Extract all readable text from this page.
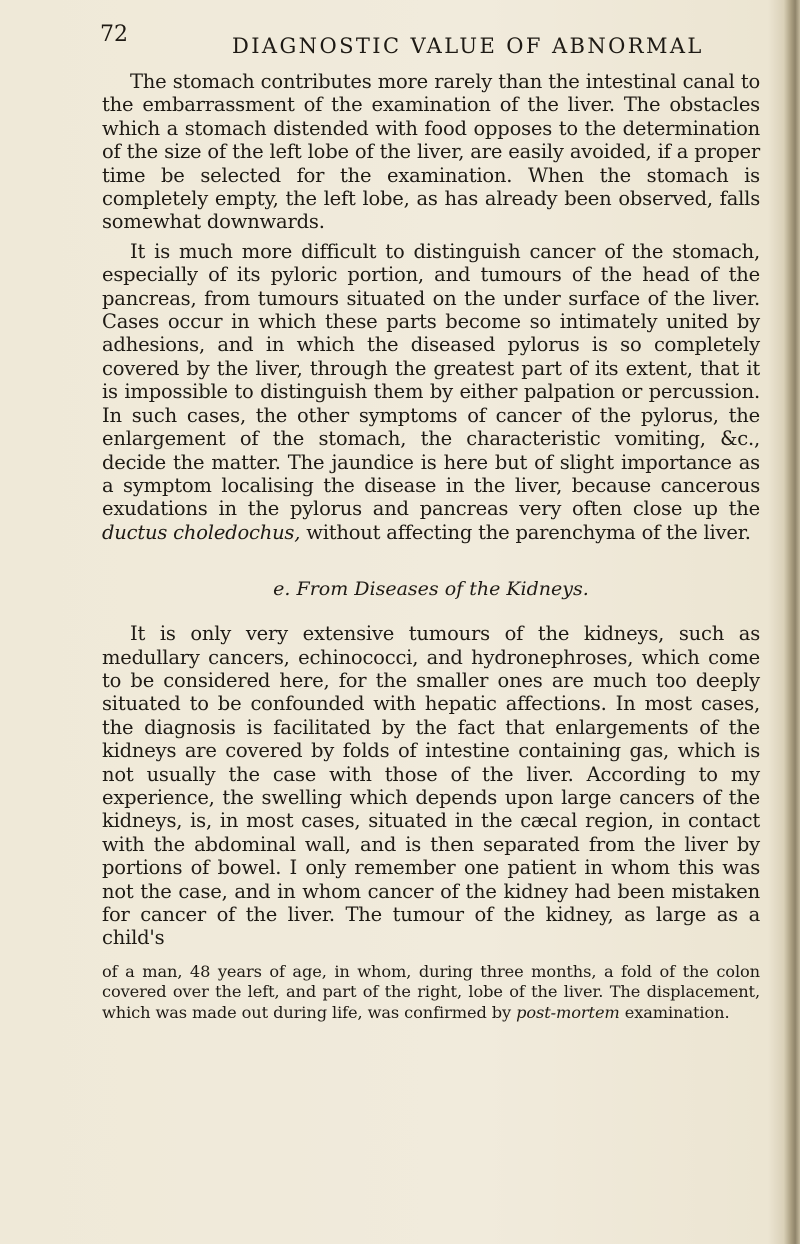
72	DIAGNOSTIC VALUE OF ABNORMAL

The stomach contributes more rarely than the intestinal canal to the embarrassment of the examination of the liver. The obstacles which a stomach distended with food opposes to the determination of the size of the left lobe of the liver, are easily avoided, if a proper time be selected for the examination. When the stomach is completely empty, the left lobe, as has already been observed, falls somewhat downwards.

It is much more difficult to distinguish cancer of the stomach, especially of its pyloric portion, and tumours of the head of the pancreas, from tumours situated on the under surface of the liver. Cases occur in which these parts become so intimately united by adhesions, and in which the diseased pylorus is so completely covered by the liver, through the greatest part of its extent, that it is impossible to distinguish them by either palpation or percussion. In such cases, the other symptoms of cancer of the pylorus, the enlargement of the stomach, the characteristic vomiting, &c., decide the matter. The jaundice is here but of slight importance as a symptom localising the disease in the liver, because cancerous exudations in the pylorus and pancreas very often close up the ductus choledochus, without affecting the parenchyma of the liver.

e. From Diseases of the Kidneys.

It is only very extensive tumours of the kidneys, such as medullary cancers, echinococci, and hydronephroses, which come to be considered here, for the smaller ones are much too deeply situated to be confounded with hepatic affections. In most cases, the diagnosis is facilitated by the fact that enlargements of the kidneys are covered by folds of intestine containing gas, which is not usually the case with those of the liver. According to my experience, the swelling which depends upon large cancers of the kidneys, is, in most cases, situated in the cæcal region, in contact with the abdominal wall, and is then separated from the liver by portions of bowel. I only remember one patient in whom this was not the case, and in whom cancer of the kidney had been mistaken for cancer of the liver. The tumour of the kidney, as large as a child's

of a man, 48 years of age, in whom, during three months, a fold of the colon covered over the left, and part of the right, lobe of the liver. The displacement, which was made out during life, was confirmed by post-mortem examination.
